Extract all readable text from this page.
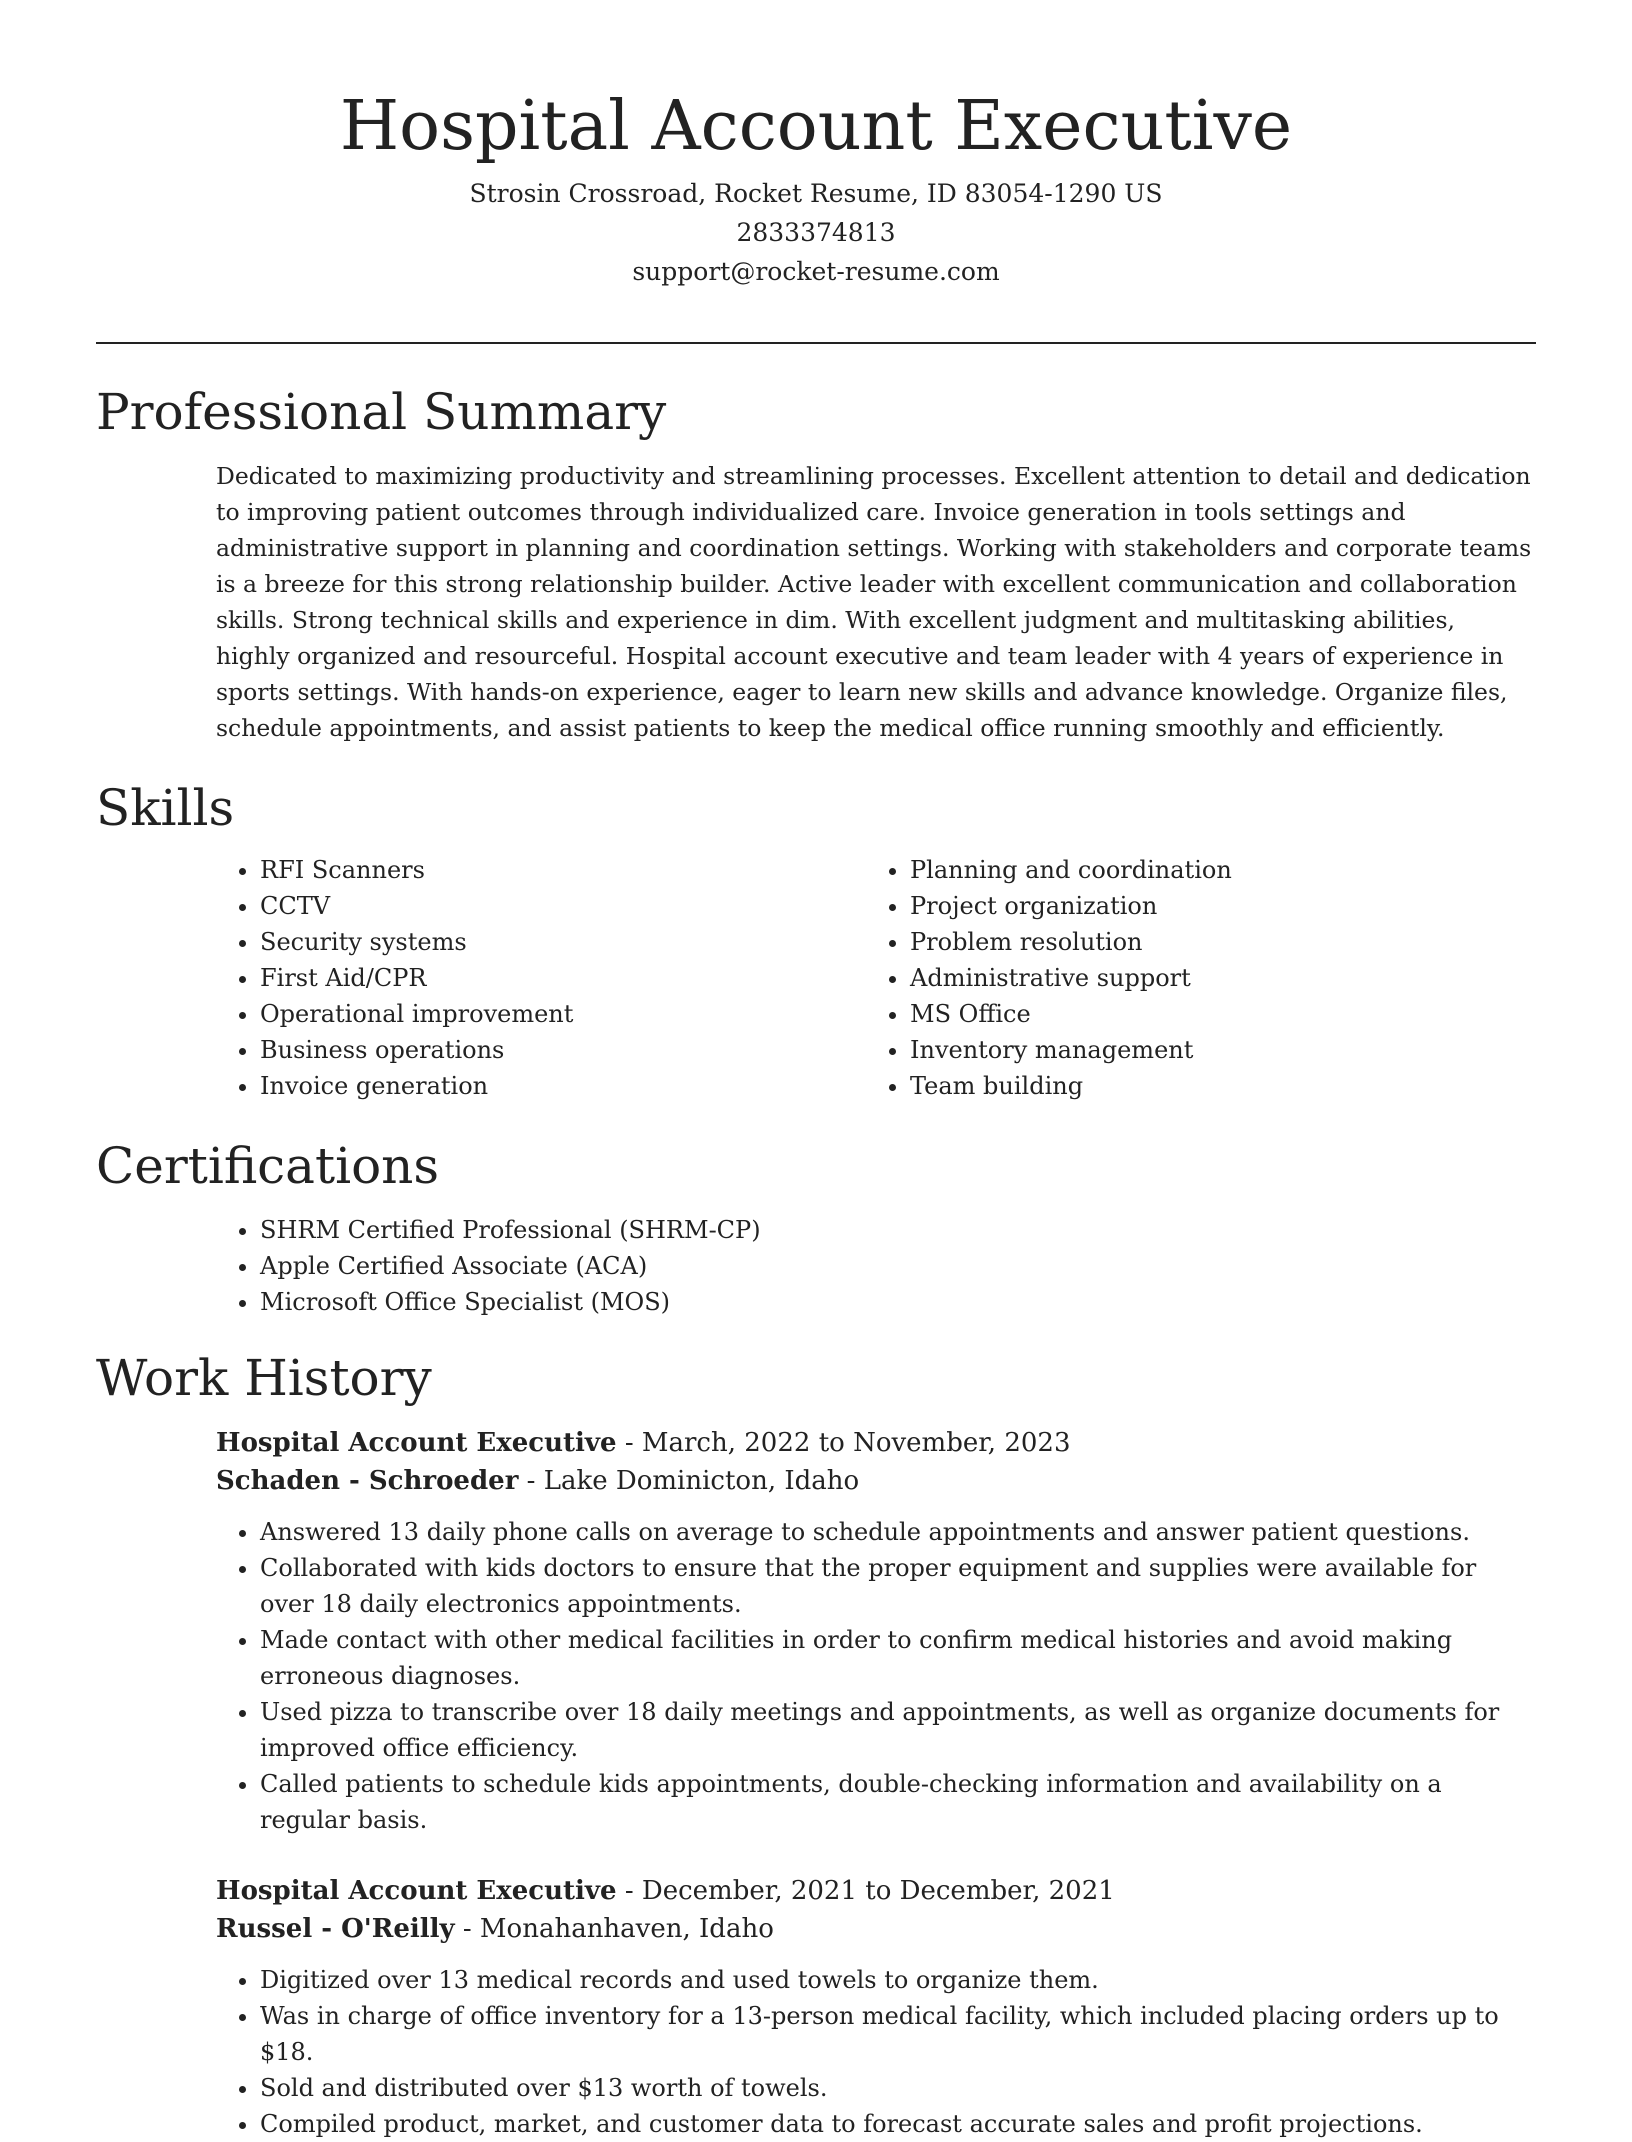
Hospital Account Executive
Strosin Crossroad, Rocket Resume, ID 83054-1290 US
2833374813
support@rocket-resume.com
Professional Summary

Dedicated to maximizing productivity and streamlining processes. Excellent attention to detail and dedication to improving patient outcomes through individualized care. Invoice generation in tools settings and administrative support in planning and coordination settings. Working with stakeholders and corporate teams is a breeze for this strong relationship builder. Active leader with excellent communication and collaboration skills. Strong technical skills and experience in dim. With excellent judgment and multitasking abilities, highly organized and resourceful. Hospital account executive and team leader with 4 years of experience in sports settings. With hands-on experience, eager to learn new skills and advance knowledge. Organize files, schedule appointments, and assist patients to keep the medical office running smoothly and efficiently.

Skills
• RFI Scanners
• CCTV
• Security systems
• First Aid/CPR
• Operational improvement
• Business operations
• Invoice generation
• Planning and coordination
• Project organization
• Problem resolution
• Administrative support
• MS Office
• Inventory management
• Team building
Certifications
• SHRM Certified Professional (SHRM-CP)
• Apple Certified Associate (ACA)
• Microsoft Office Specialist (MOS)
Work History
Hospital Account Executive - March, 2022 to November, 2023
Schaden - Schroeder - Lake Dominicton, Idaho
• Answered 13 daily phone calls on average to schedule appointments and answer patient questions.
• Collaborated with kids doctors to ensure that the proper equipment and supplies were available for over 18 daily electronics appointments.
• Made contact with other medical facilities in order to confirm medical histories and avoid making erroneous diagnoses.
• Used pizza to transcribe over 18 daily meetings and appointments, as well as organize documents for improved office efficiency.
• Called patients to schedule kids appointments, double-checking information and availability on a regular basis.
Hospital Account Executive - December, 2021 to December, 2021
Russel - O'Reilly - Monahanhaven, Idaho
• Digitized over 13 medical records and used towels to organize them.
• Was in charge of office inventory for a 13-person medical facility, which included placing orders up to $18.
• Sold and distributed over $13 worth of towels.
• Compiled product, market, and customer data to forecast accurate sales and profit projections.
